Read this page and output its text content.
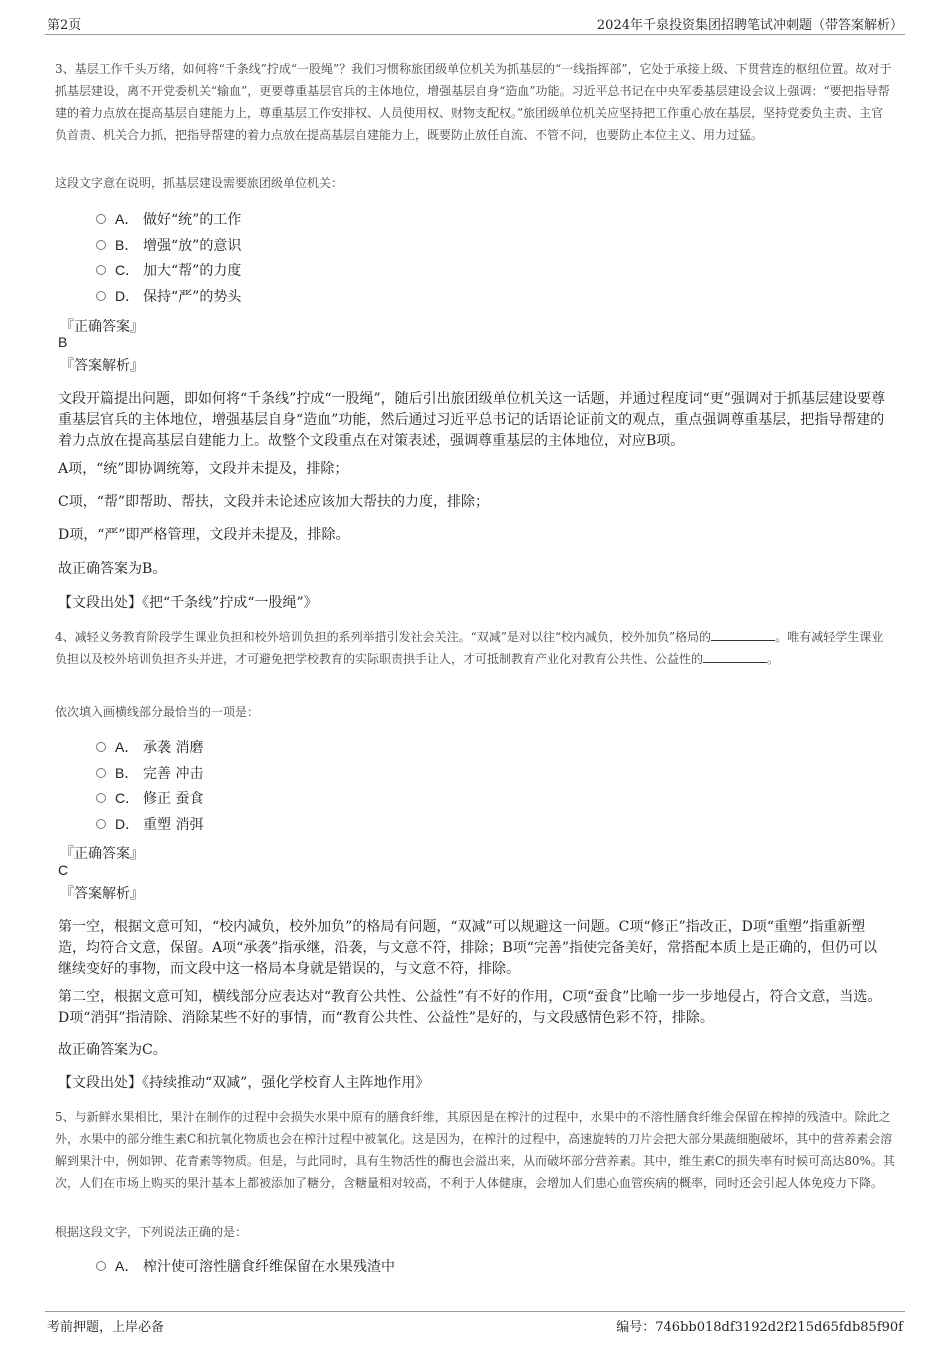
第2页	2024年千泉投资集团招聘笔试冲刺题（带答案解析）
3、基层工作千头万绪，如何将“千条线”拧成“一股绳”？我们习惯称旅团级单位机关为抓基层的“一线指挥部”，它处于承接上级、下贯营连的枢纽位置。故对于抓基层建设，离不开党委机关“输血”，更要尊重基层官兵的主体地位，增强基层自身“造血”功能。习近平总书记在中央军委基层建设会议上强调：“要把指导帮建的着力点放在提高基层自建能力上，尊重基层工作安排权、人员使用权、财物支配权。”旅团级单位机关应坚持把工作重心放在基层，坚持党委负主责、主官负首责、机关合力抓，把指导帮建的着力点放在提高基层自建能力上，既要防止放任自流、不管不问，也要防止本位主义、用力过猛。
这段文字意在说明，抓基层建设需要旅团级单位机关：
A． 做好“统”的工作
B． 增强“放”的意识
C． 加大“帮”的力度
D． 保持“严”的势头
『正确答案』
B
『答案解析』
文段开篇提出问题，即如何将“千条线”拧成“一股绳”，随后引出旅团级单位机关这一话题，并通过程度词“更”强调对于抓基层建设要尊重基层官兵的主体地位，增强基层自身“造血”功能，然后通过习近平总书记的话语论证前文的观点，重点强调尊重基层，把指导帮建的着力点放在提高基层自建能力上。故整个文段重点在对策表述，强调尊重基层的主体地位，对应B项。
A项，“统”即协调统筹，文段并未提及，排除；
C项，“帮”即帮助、帮扶，文段并未论述应该加大帮扶的力度，排除；
D项，“严”即严格管理，文段并未提及，排除。
故正确答案为B。
【文段出处】《把“千条线”拧成“一股绳”》
4、减轻义务教育阶段学生课业负担和校外培训负担的系列举措引发社会关注。“双减”是对以往“校内减负，校外加负”格局的	。唯有减轻学生课业负担以及校外培训负担齐头并进，才可避免把学校教育的实际职责拱手让人，才可抵制教育产业化对教育公共性、公益性的	。
依次填入画横线部分最恰当的一项是：
A． 承袭 消磨
B． 完善 冲击
C． 修正 蚕食
D． 重塑 消弭
『正确答案』
C
『答案解析』
第一空，根据文意可知，“校内减负，校外加负”的格局有问题，“双减”可以规避这一问题。C项“修正”指改正，D项“重塑”指重新塑造，均符合文意，保留。A项“承袭”指承继，沿袭，与文意不符，排除；B项“完善”指使完备美好，常搭配本质上是正确的，但仍可以继续变好的事物，而文段中这一格局本身就是错误的，与文意不符，排除。
第二空，根据文意可知，横线部分应表达对“教育公共性、公益性”有不好的作用，C项“蚕食”比喻一步一步地侵占，符合文意，当选。D项“消弭”指清除、消除某些不好的事情，而“教育公共性、公益性”是好的，与文段感情色彩不符，排除。
故正确答案为C。
【文段出处】《持续推动“双减”，强化学校育人主阵地作用》
5、与新鲜水果相比，果汁在制作的过程中会损失水果中原有的膳食纤维，其原因是在榨汁的过程中，水果中的不溶性膳食纤维会保留在榨掉的残渣中。除此之外，水果中的部分维生素C和抗氧化物质也会在榨汁过程中被氧化。这是因为，在榨汁的过程中，高速旋转的刀片会把大部分果蔬细胞破坏，其中的营养素会溶解到果汁中，例如钾、花青素等物质。但是，与此同时，具有生物活性的酶也会溢出来，从而破坏部分营养素。其中，维生素C的损失率有时候可高达80%。其次，人们在市场上购买的果汁基本上都被添加了糖分，含糖量相对较高，不利于人体健康，会增加人们患心血管疾病的概率，同时还会引起人体免疫力下降。
根据这段文字，下列说法正确的是：
A． 榨汁使可溶性膳食纤维保留在水果残渣中
考前押题，上岸必备	编号：746bb018df3192d2f215d65fdb85f90f
